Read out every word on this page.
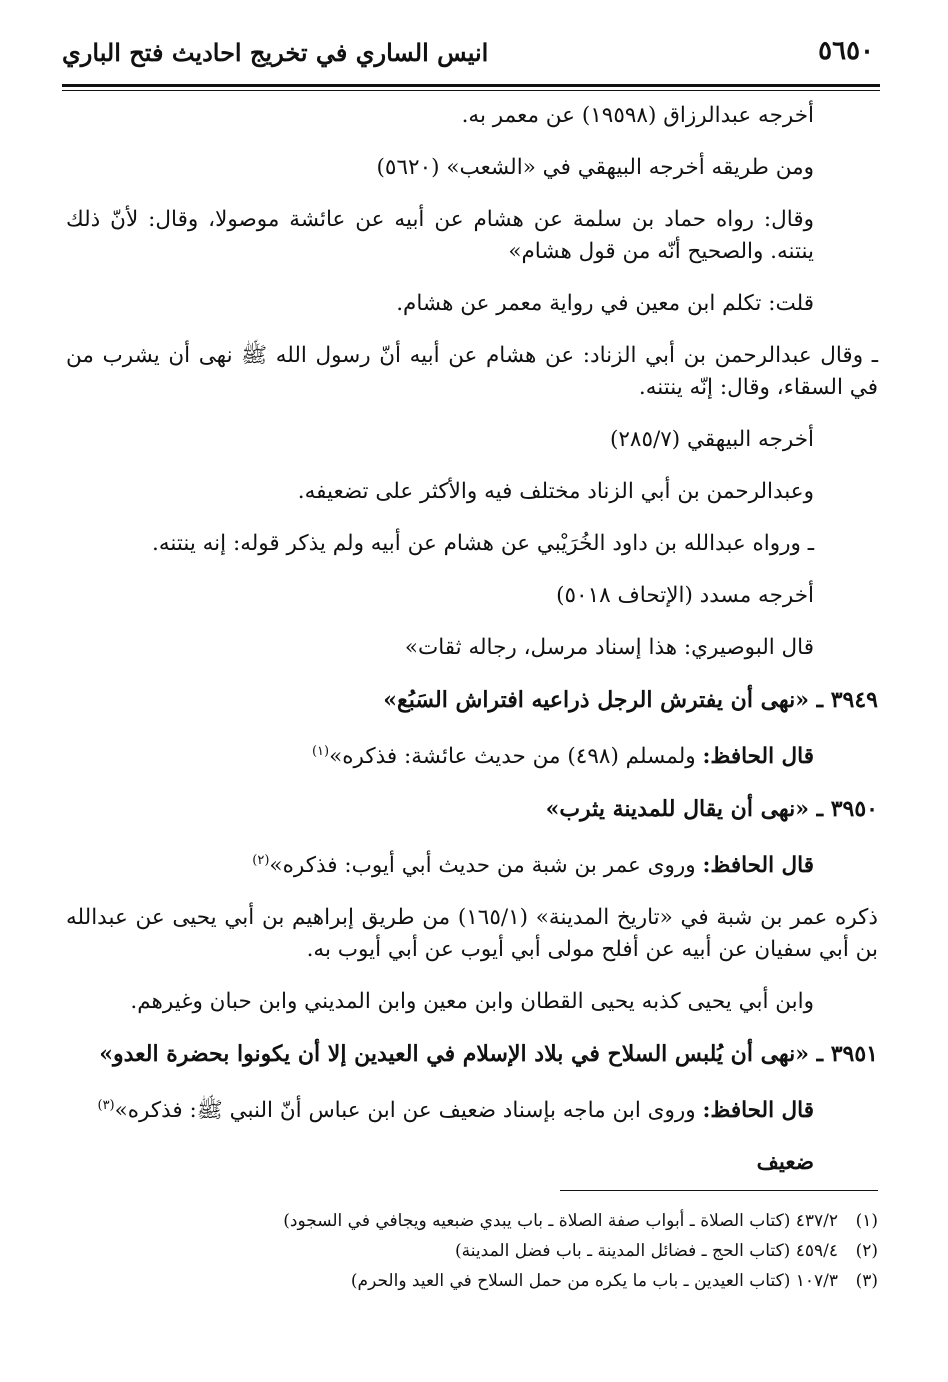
٥٦٥٠
انيس الساري في تخريج احاديث فتح الباري

أخرجه عبدالرزاق (١٩٥٩٨) عن معمر به.

ومن طريقه أخرجه البيهقي في «الشعب» (٥٦٢٠)

وقال: رواه حماد بن سلمة عن هشام عن أبيه عن عائشة موصولا، وقال: لأنّ ذلك ينتنه. والصحيح أنّه من قول هشام»

قلت: تكلم ابن معين في رواية معمر عن هشام.

ـ وقال عبدالرحمن بن أبي الزناد: عن هشام عن أبيه أنّ رسول الله ﷺ نهى أن يشرب من في السقاء، وقال: إنّه ينتنه.

أخرجه البيهقي (٢٨٥/٧)

وعبدالرحمن بن أبي الزناد مختلف فيه والأكثر على تضعيفه.

ـ ورواه عبدالله بن داود الخُرَيْبي عن هشام عن أبيه ولم يذكر قوله: إنه ينتنه.

أخرجه مسدد (الإتحاف ٥٠١٨)

قال البوصيري: هذا إسناد مرسل، رجاله ثقات»

٣٩٤٩ ـ «نهى أن يفترش الرجل ذراعيه افتراش السَبُع»

قال الحافظ: ولمسلم (٤٩٨) من حديث عائشة: فذكره»$^{(١)}$

٣٩٥٠ ـ «نهى أن يقال للمدينة يثرب»

قال الحافظ: وروى عمر بن شبة من حديث أبي أيوب: فذكره»$^{(٢)}$

ذكره عمر بن شبة في «تاريخ المدينة» (١٦٥/١) من طريق إبراهيم بن أبي يحيى عن عبدالله بن أبي سفيان عن أبيه عن أفلح مولى أبي أيوب عن أبي أيوب به.

وابن أبي يحيى كذبه يحيى القطان وابن معين وابن المديني وابن حبان وغيرهم.

٣٩٥١ ـ «نهى أن يُلبس السلاح في بلاد الإسلام في العيدين إلا أن يكونوا بحضرة العدو»

قال الحافظ: وروى ابن ماجه بإسناد ضعيف عن ابن عباس أنّ النبي ﷺ: فذكره»$^{(٣)}$

ضعيف

(١)٤٣٧/٢ (كتاب الصلاة ـ أبواب صفة الصلاة ـ باب يبدي ضبعيه ويجافي في السجود)

(٢)٤٥٩/٤ (كتاب الحج ـ فضائل المدينة ـ باب فضل المدينة)

(٣)١٠٧/٣ (كتاب العيدين ـ باب ما يكره من حمل السلاح في العيد والحرم)
